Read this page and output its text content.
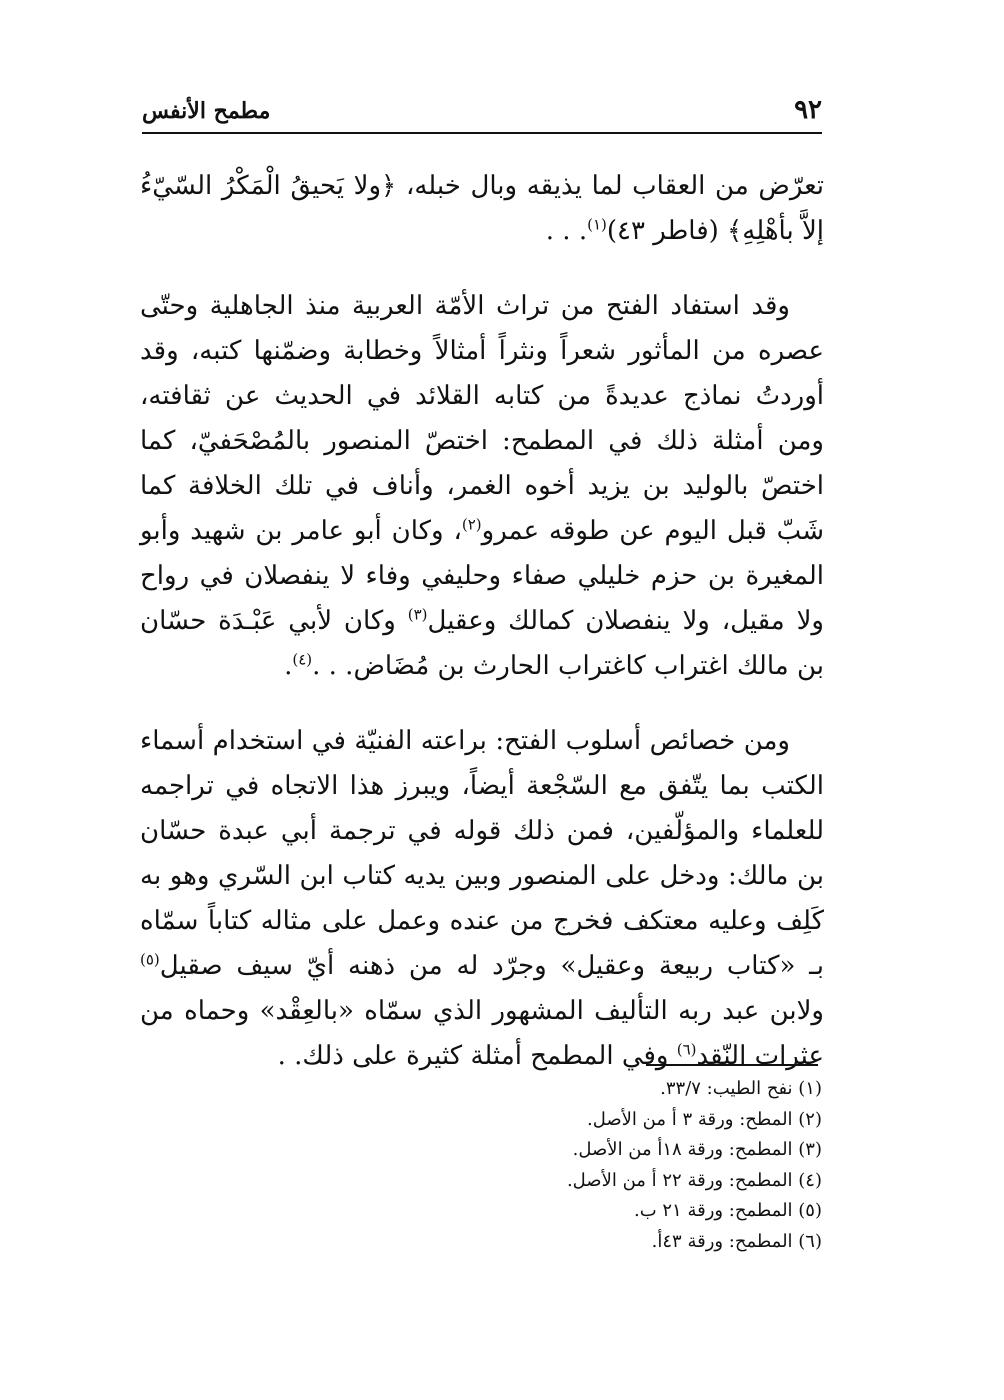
٩٢
مطمح الأنفس

تعرّض من العقاب لما يذيقه وبال خبله، ﴿ولا يَحيقُ الْمَكْرُ السّيّءُ إلاَّ بأهْلِهِ﴾ (فاطر ٤٣)$^{(١)}$. . .

وقد استفاد الفتح من تراث الأمّة العربية منذ الجاهلية وحتّى عصره من المأثور شعراً ونثراً أمثالاً وخطابة وضمّنها كتبه، وقد أوردتُ نماذج عديدةً من كتابه القلائد في الحديث عن ثقافته، ومن أمثلة ذلك في المطمح: اختصّ المنصور بالمُصْحَفيّ، كما اختصّ بالوليد بن يزيد أخوه الغمر، وأناف في تلك الخلافة كما شَبّ قبل اليوم عن طوقه عمرو$^{(٢)}$، وكان أبو عامر بن شهيد وأبو المغيرة بن حزم خليلي صفاء وحليفي وفاء لا ينفصلان في رواح ولا مقيل، ولا ينفصلان كمالك وعقيل$^{(٣)}$ وكان لأبي عَبْـدَة حسّان بن مالك اغتراب كاغتراب الحارث بن مُضَاض. . .$^{(٤)}$.

ومن خصائص أسلوب الفتح: براعته الفنيّة في استخدام أسماء الكتب بما يتّفق مع السّجْعة أيضاً، ويبرز هذا الاتجاه في تراجمه للعلماء والمؤلّفين، فمن ذلك قوله في ترجمة أبي عبدة حسّان بن مالك: ودخل على المنصور وبين يديه كتاب ابن السّري وهو به كَلِف وعليه معتكف فخرج من عنده وعمل على مثاله كتاباً سمّاه بـ «كتاب ربيعة وعقيل» وجرّد له من ذهنه أيّ سيف صقيل$^{(٥)}$ ولابن عبد ربه التأليف المشهور الذي سمّاه «بالعِقْد» وحماه من عثرات النّقد$^{(٦)}$ وفي المطمح أمثلة كثيرة على ذلك. .

(١) نفح الطيب: ٣٣/٧.
(٢) المطح: ورقة ٣ أ من الأصل.
(٣) المطمح: ورقة ١٨أ من الأصل.
(٤) المطمح: ورقة ٢٢ أ من الأصل.
(٥) المطمح: ورقة ٢١ ب.
(٦) المطمح: ورقة ٤٣أ.
